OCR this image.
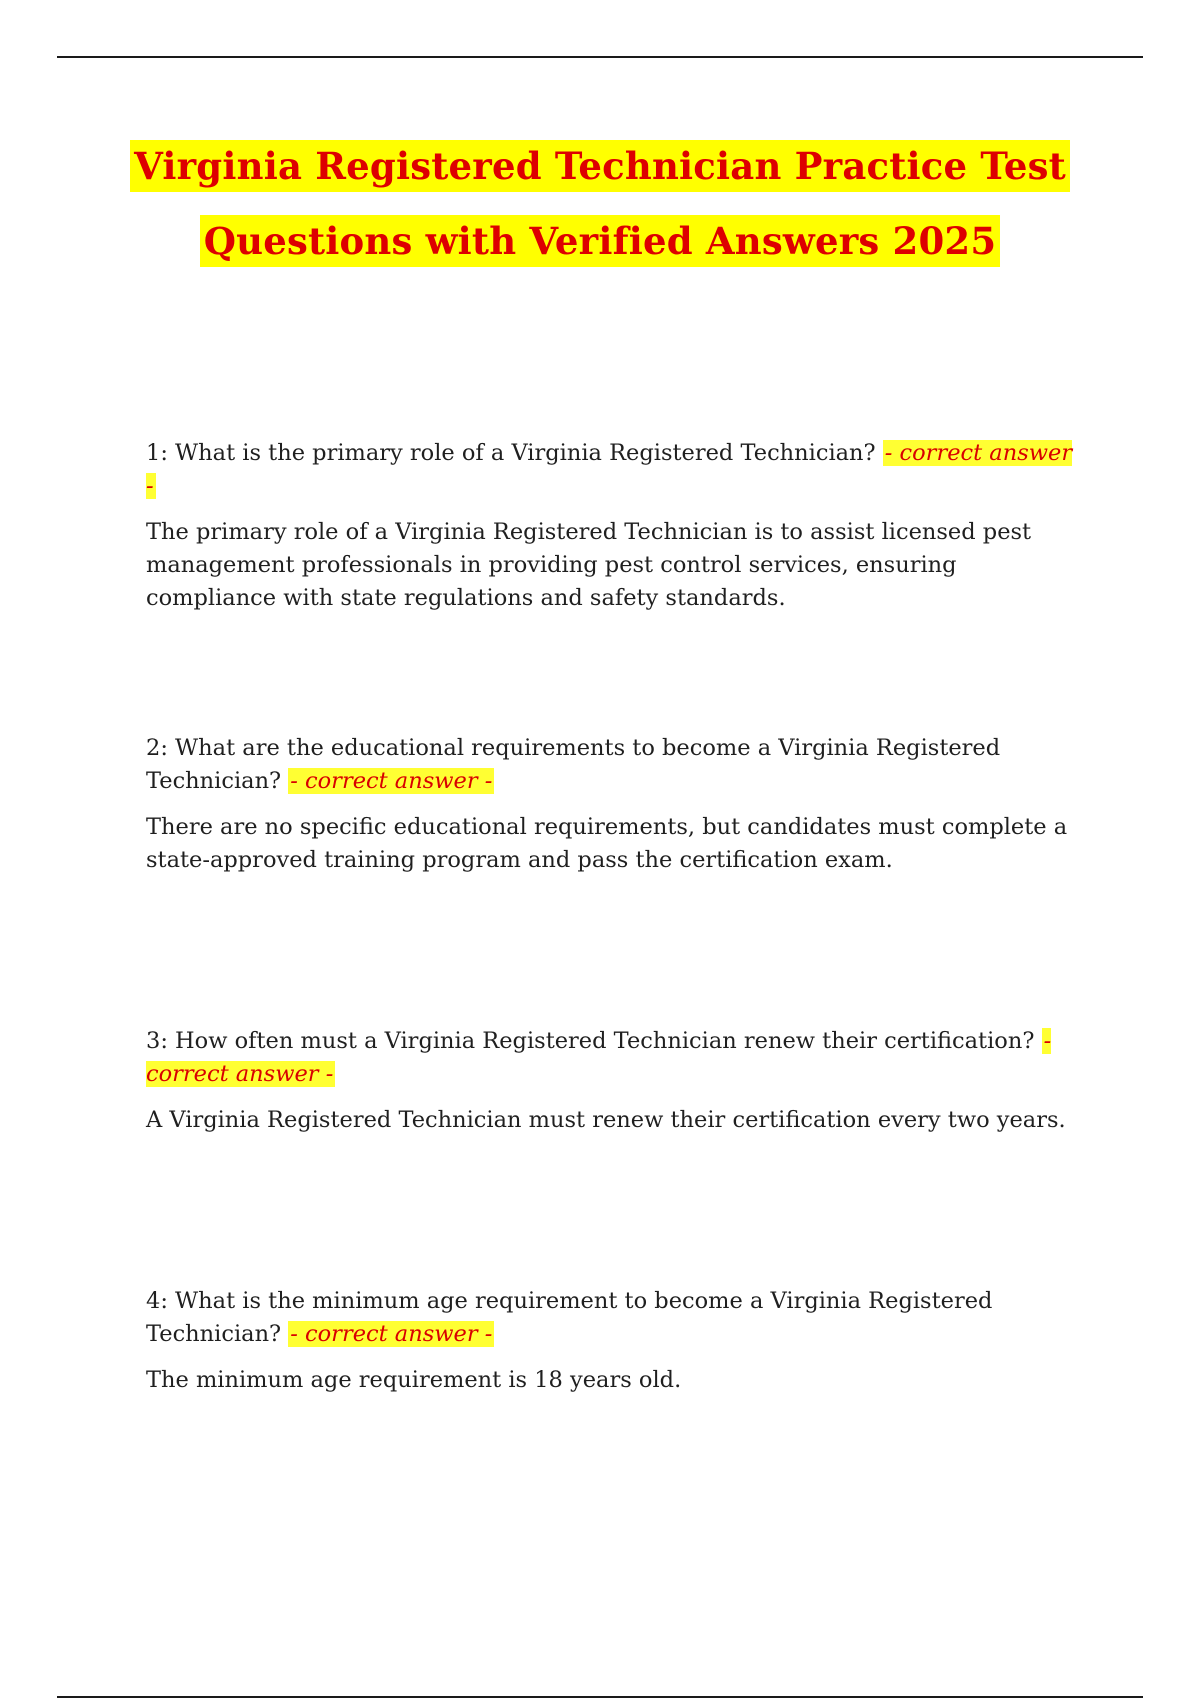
Virginia Registered Technician Practice Test
Questions with Verified Answers 2025

1: What is the primary role of a Virginia Registered Technician? - correct answer -

The primary role of a Virginia Registered Technician is to assist licensed pest management professionals in providing pest control services, ensuring compliance with state regulations and safety standards.

2: What are the educational requirements to become a Virginia Registered Technician? - correct answer -

There are no specific educational requirements, but candidates must complete a state-approved training program and pass the certification exam.

3: How often must a Virginia Registered Technician renew their certification? - correct answer -

A Virginia Registered Technician must renew their certification every two years.

4: What is the minimum age requirement to become a Virginia Registered Technician? - correct answer -

The minimum age requirement is 18 years old.
